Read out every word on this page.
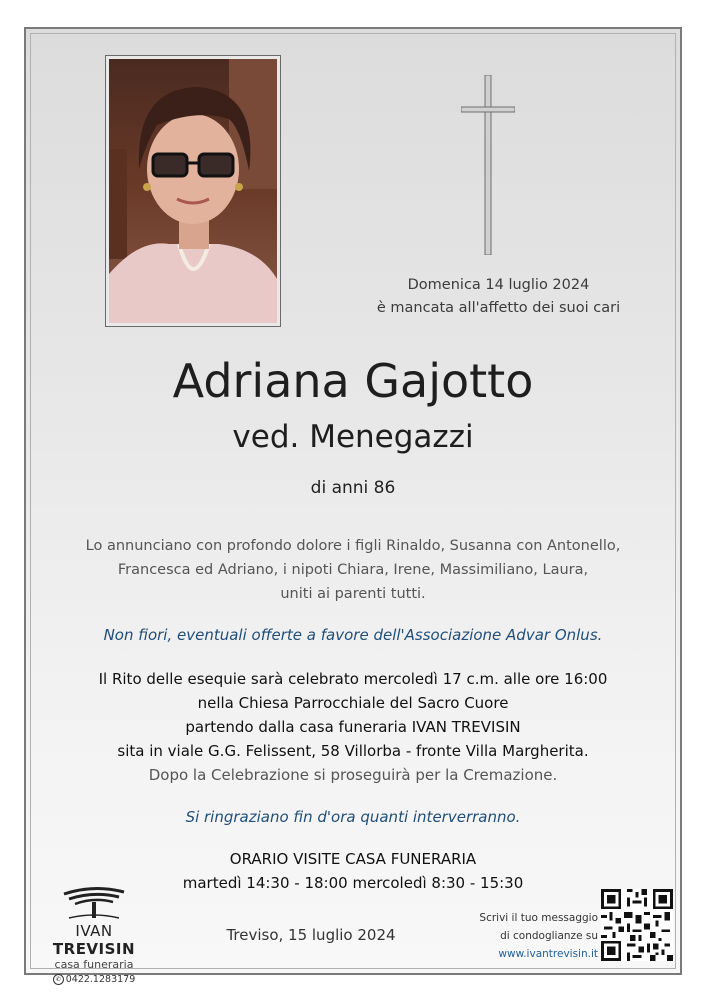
Domenica 14 luglio 2024
è mancata all'affetto dei suoi cari
Adriana Gajotto
ved. Menegazzi
di anni 86
Lo annunciano con profondo dolore i figli Rinaldo, Susanna con Antonello,
Francesca ed Adriano, i nipoti Chiara, Irene, Massimiliano, Laura,
uniti ai parenti tutti.
Non fiori, eventuali offerte a favore dell'Associazione Advar Onlus.
Il Rito delle esequie sarà celebrato mercoledì 17 c.m. alle ore 16:00
nella Chiesa Parrocchiale del Sacro Cuore
partendo dalla casa funeraria IVAN TREVISIN
sita in viale G.G. Felissent, 58 Villorba - fronte Villa Margherita.
Dopo la Celebrazione si proseguirà per la Cremazione.
Si ringraziano fin d'ora quanti interverranno.
ORARIO VISITE CASA FUNERARIA
martedì 14:30 - 18:00 mercoledì 8:30 - 15:30
IVAN TREVISIN
casa funeraria
✆ 0422.1283179
Treviso, 15 luglio 2024
Scrivi il tuo messaggio
di condoglianze su
www.ivantrevisin.it
